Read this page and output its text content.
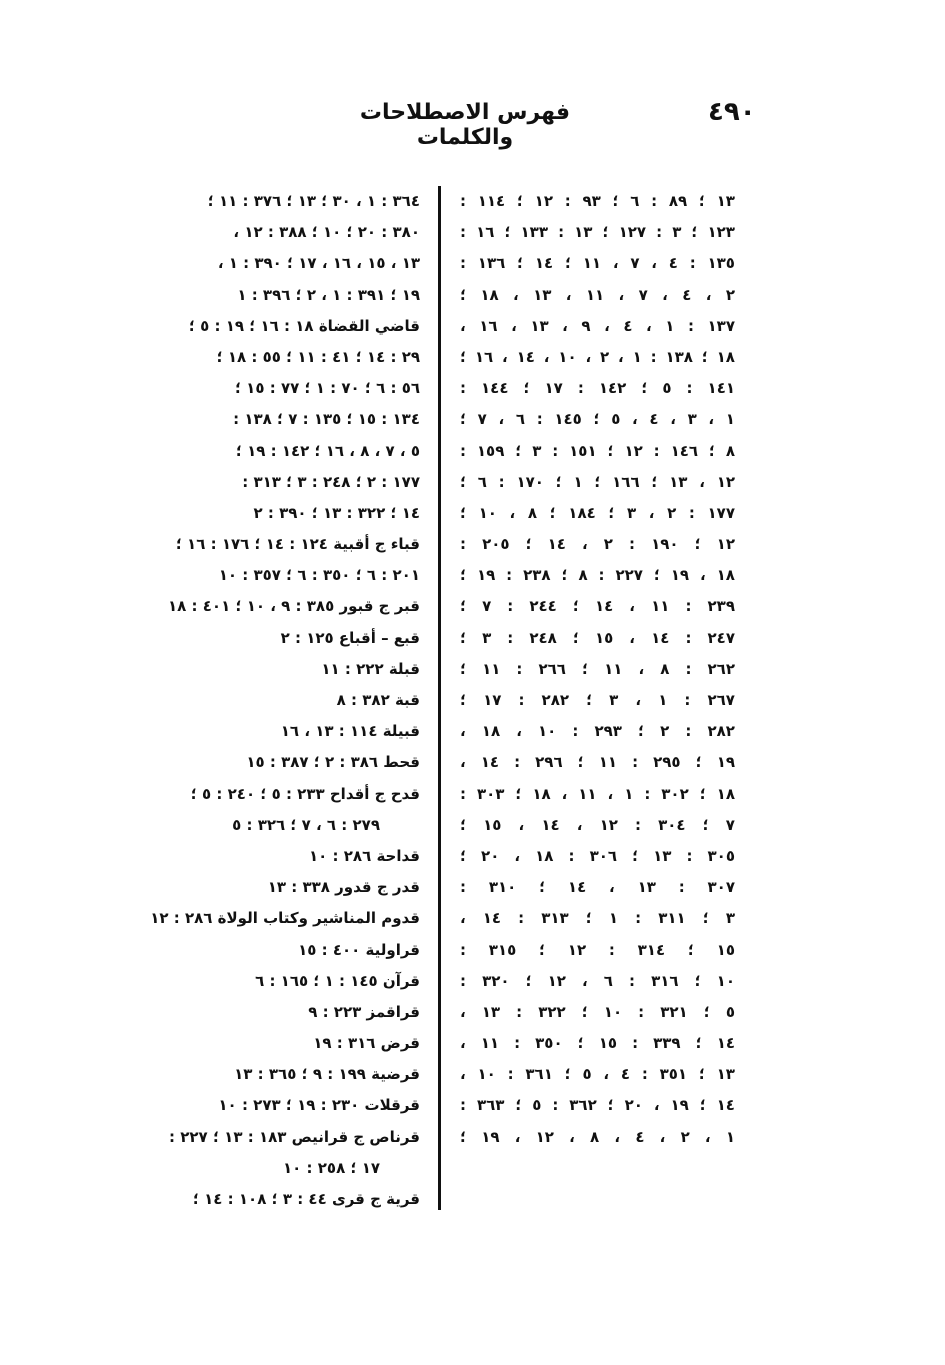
٤٩٠
فهرس الاصطلاحات والكلمات
١٣ ؛ ٨٩ : ٦ ؛ ٩٣ : ١٢ ؛ ١١٤ :
١٢٣ ؛ ٣ : ١٢٧ ؛ ١٣ : ١٣٣ ؛ ١٦ :
١٣٥ : ٤ ، ٧ ، ١١ ؛ ١٤ ؛ ١٣٦ :
٢ ، ٤ ، ٧ ، ١١ ، ١٣ ، ١٨ ؛
١٣٧ : ١ ، ٤ ، ٩ ، ١٣ ، ١٦ ،
١٨ ؛ ١٣٨ : ١ ، ٢ ، ١٠ ، ١٤ ، ١٦ ؛
١٤١ : ٥ ؛ ١٤٢ : ١٧ ؛ ١٤٤ :
١ ، ٣ ، ٤ ، ٥ ؛ ١٤٥ : ٦ ، ٧ ؛
٨ ؛ ١٤٦ : ١٢ ؛ ١٥١ : ٣ ؛ ١٥٩ :
١٢ ، ١٣ ؛ ١٦٦ ؛ ١ ؛ ١٧٠ : ٦ ؛
١٧٧ : ٢ ، ٣ ؛ ١٨٤ ؛ ٨ ، ١٠ ؛
١٢ ؛ ١٩٠ : ٢ ، ١٤ ؛ ٢٠٥ :
١٨ ، ١٩ ؛ ٢٢٧ : ٨ ؛ ٢٣٨ : ١٩ ؛
٢٣٩ : ١١ ، ١٤ ؛ ٢٤٤ : ٧ ؛
٢٤٧ : ١٤ ، ١٥ ؛ ٢٤٨ : ٣ ؛
٢٦٢ : ٨ ، ١١ ؛ ٢٦٦ : ١١ ؛
٢٦٧ : ١ ، ٣ ؛ ٢٨٢ : ١٧ ؛
٢٨٢ : ٢ ؛ ٢٩٣ : ١٠ ، ١٨ ،
١٩ ؛ ٢٩٥ : ١١ ؛ ٢٩٦ : ١٤ ،
١٨ ؛ ٣٠٢ : ١ ، ١١ ، ١٨ ؛ ٣٠٣ :
٧ ؛ ٣٠٤ : ١٢ ، ١٤ ، ١٥ ؛
٣٠٥ : ١٣ ؛ ٣٠٦ : ١٨ ، ٢٠ ؛
٣٠٧ : ١٣ ، ١٤ ؛ ٣١٠ :
٣ ؛ ٣١١ : ١ ؛ ٣١٣ : ١٤ ،
١٥ ؛ ٣١٤ : ١٢ ؛ ٣١٥ :
١٠ ؛ ٣١٦ : ٦ ، ١٢ ؛ ٣٢٠ :
٥ ؛ ٣٢١ : ١٠ ؛ ٣٢٢ : ١٣ ،
١٤ ؛ ٣٣٩ : ١٥ ؛ ٣٥٠ : ١١ ،
١٣ ؛ ٣٥١ : ٤ ، ٥ ؛ ٣٦١ : ١٠ ،
١٤ ؛ ١٩ ، ٢٠ ؛ ٣٦٢ : ٥ ؛ ٣٦٣ :
١ ، ٢ ، ٤ ، ٨ ، ١٢ ، ١٩ ؛
٣٦٤ : ١ ، ٣٠ ؛ ١٣ ؛ ٣٧٦ : ١١ ؛
٣٨٠ : ٢٠ ؛ ١٠ ؛ ٣٨٨ : ١٢ ،
١٣ ، ١٥ ، ١٦ ، ١٧ ؛ ٣٩٠ : ١ ،
١٩ ؛ ٣٩١ : ١ ، ٢ ؛ ٣٩٦ : ١
قاضي القضاة ١٨ : ١٦ ؛ ١٩ : ٥ ؛
٢٩ : ١٤ ؛ ٤١ : ١١ ؛ ٥٥ : ١٨ ؛
٥٦ : ٦ ؛ ٧٠ : ١ ؛ ٧٧ : ١٥ ؛
١٣٤ : ١٥ ؛ ١٣٥ : ٧ ؛ ١٣٨ :
٥ ، ٧ ، ٨ ، ١٦ ؛ ١٤٢ : ١٩ ؛
١٧٧ : ٢ ؛ ٢٤٨ : ٣ ؛ ٣١٣ :
١٤ ؛ ٣٢٢ : ١٣ ؛ ٣٩٠ : ٢
قباء ج أقبية ١٢٤ : ١٤ ؛ ١٧٦ : ١٦ ؛
٢٠١ : ٦ ؛ ٣٥٠ : ٦ ؛ ٣٥٧ : ١٠
قبر ج قبور ٣٨٥ : ٩ ، ١٠ ؛ ٤٠١ : ١٨
قبع – أقباع ١٢٥ : ٢
قبلة ٢٢٢ : ١١
قبة ٣٨٢ : ٨
قبيلة ١١٤ : ١٣ ، ١٦
قحط ٣٨٦ : ٢ ؛ ٣٨٧ : ١٥
قدح ج أقداح ٢٣٣ : ٥ ؛ ٢٤٠ : ٥ ؛
٢٧٩ : ٦ ، ٧ ؛ ٣٢٦ : ٥
قداحة ٢٨٦ : ١٠
قدر ج قدور ٣٣٨ : ١٣
قدوم المناشير وكتاب الولاة ٢٨٦ : ١٢
قراولية ٤٠٠ : ١٥
قرآن ١٤٥ : ١ ؛ ١٦٥ : ٦
قراقمز ٢٢٣ : ٩
قرض ٣١٦ : ١٩
قرضية ١٩٩ : ٩ ؛ ٣٦٥ : ١٣
قرقلات ٢٣٠ : ١٩ ؛ ٢٧٣ : ١٠
قرناص ج قرانيص ١٨٣ : ١٣ ؛ ٢٢٧ :
١٧ ؛ ٢٥٨ : ١٠
قرية ج قرى ٤٤ : ٣ ؛ ١٠٨ : ١٤ ؛
